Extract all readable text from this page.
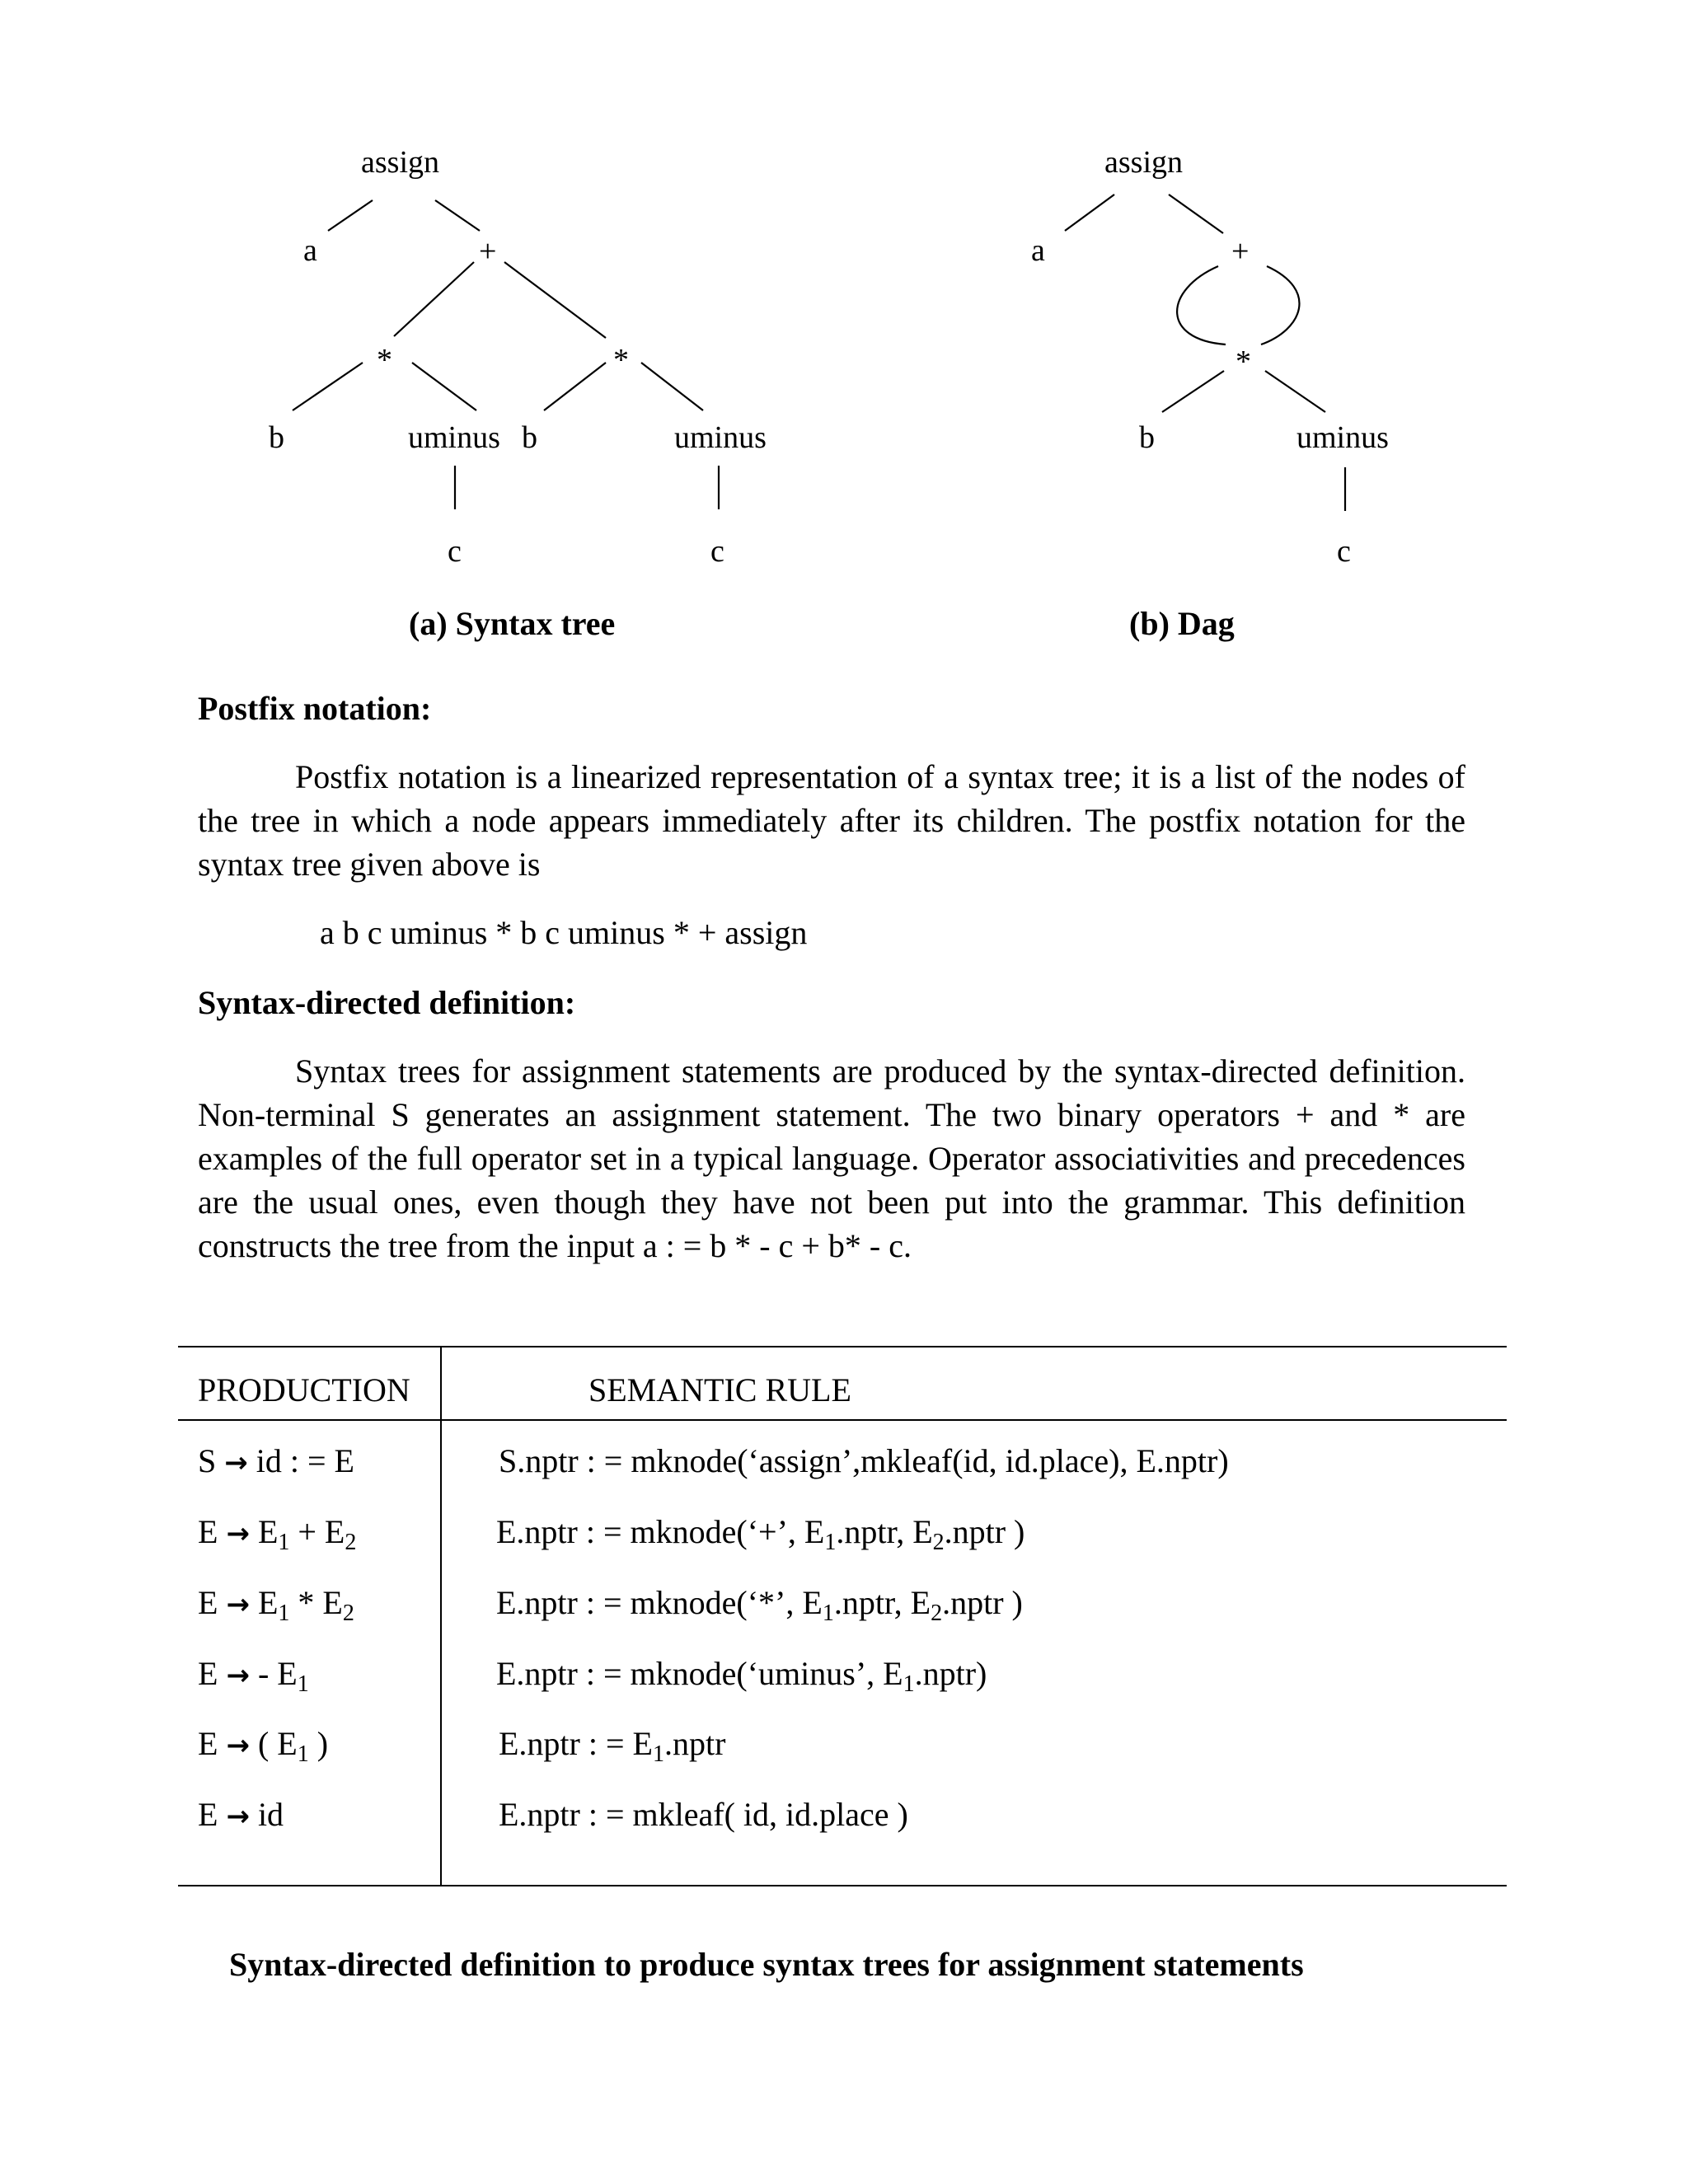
assign
a	+
*	*
b	uminus b	uminus
c	c
(a) Syntax tree
assign
a	+
*
b	uminus
c
(b) Dag
Postfix notation:

Postfix notation is a linearized representation of a syntax tree; it is a list of the nodes of the tree in which a node appears immediately after its children. The postfix notation for the syntax tree given above is

a b c uminus * b c uminus * + assign
Syntax-directed definition:

Syntax trees for assignment statements are produced by the syntax-directed definition. Non-terminal S generates an assignment statement. The two binary operators + and * are examples of the full operator set in a typical language. Operator associativities and precedences are the usual ones, even though they have not been put into the grammar. This definition constructs the tree from the input a : = b * - c + b* - c.

PRODUCTION	SEMANTIC RULE
S → id : = E	S.nptr : = mknode(‘assign’,mkleaf(id, id.place), E.nptr)
$E \to E_1 + E_2$	E.nptr : = mknode(‘+’, $E_1.nptr$, $E_2.nptr$ )
$E \to E_1 * E_2$	E.nptr : = mknode(‘*’, $E_1.nptr$, $E_2.nptr$ )
E → - $E_1$	E.nptr : = mknode(‘uminus’, $E_1.nptr$)
E → ( $E_1$ )	E.nptr : = $E_1.nptr$
E → id	E.nptr : = mkleaf( id, id.place )
Syntax-directed definition to produce syntax trees for assignment statements
